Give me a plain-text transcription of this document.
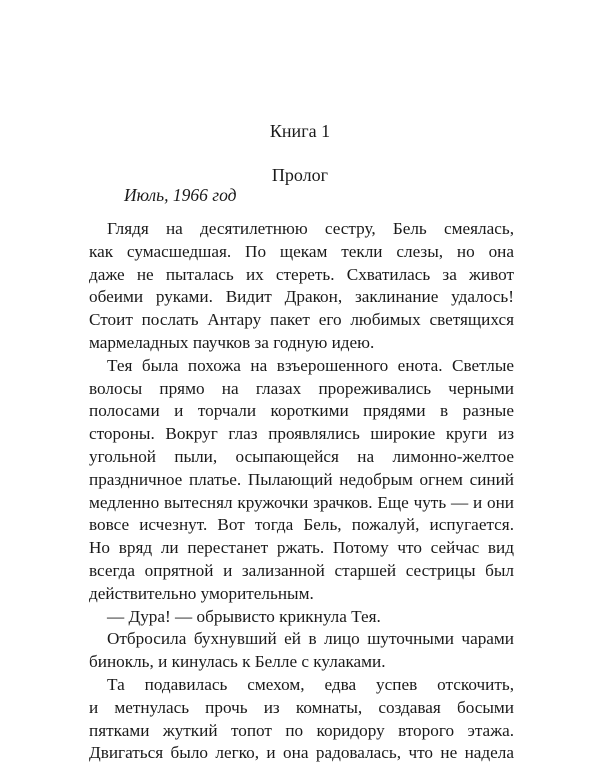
Книга 1
Пролог
Июль, 1966 год
Глядя на десятилетнюю сестру, Бель смеялась,
как сумасшедшая. По щекам текли слезы, но она
даже не пыталась их стереть. Схватилась за живот
обеими руками. Видит Дракон, заклинание удалось!
Стоит послать Антару пакет его любимых светящихся
мармеладных паучков за годную идею.
Тея была похожа на взъерошенного енота. Светлые
волосы прямо на глазах прореживались черными
полосами и торчали короткими прядями в разные
стороны. Вокруг глаз проявлялись широкие круги из
угольной пыли, осыпающейся на лимонно-желтое
праздничное платье. Пылающий недобрым огнем синий
медленно вытеснял кружочки зрачков. Еще чуть — и они
вовсе исчезнут. Вот тогда Бель, пожалуй, испугается.
Но вряд ли перестанет ржать. Потому что сейчас вид
всегда опрятной и зализанной старшей сестрицы был
действительно уморительным.
— Дура! — обрывисто крикнула Тея.
Отбросила бухнувший ей в лицо шуточными чарами
бинокль, и кинулась к Белле с кулаками.
Та подавилась смехом, едва успев отскочить,
и метнулась прочь из комнаты, создавая босыми
пятками жуткий топот по коридору второго этажа.
Двигаться было легко, и она радовалась, что не надела
